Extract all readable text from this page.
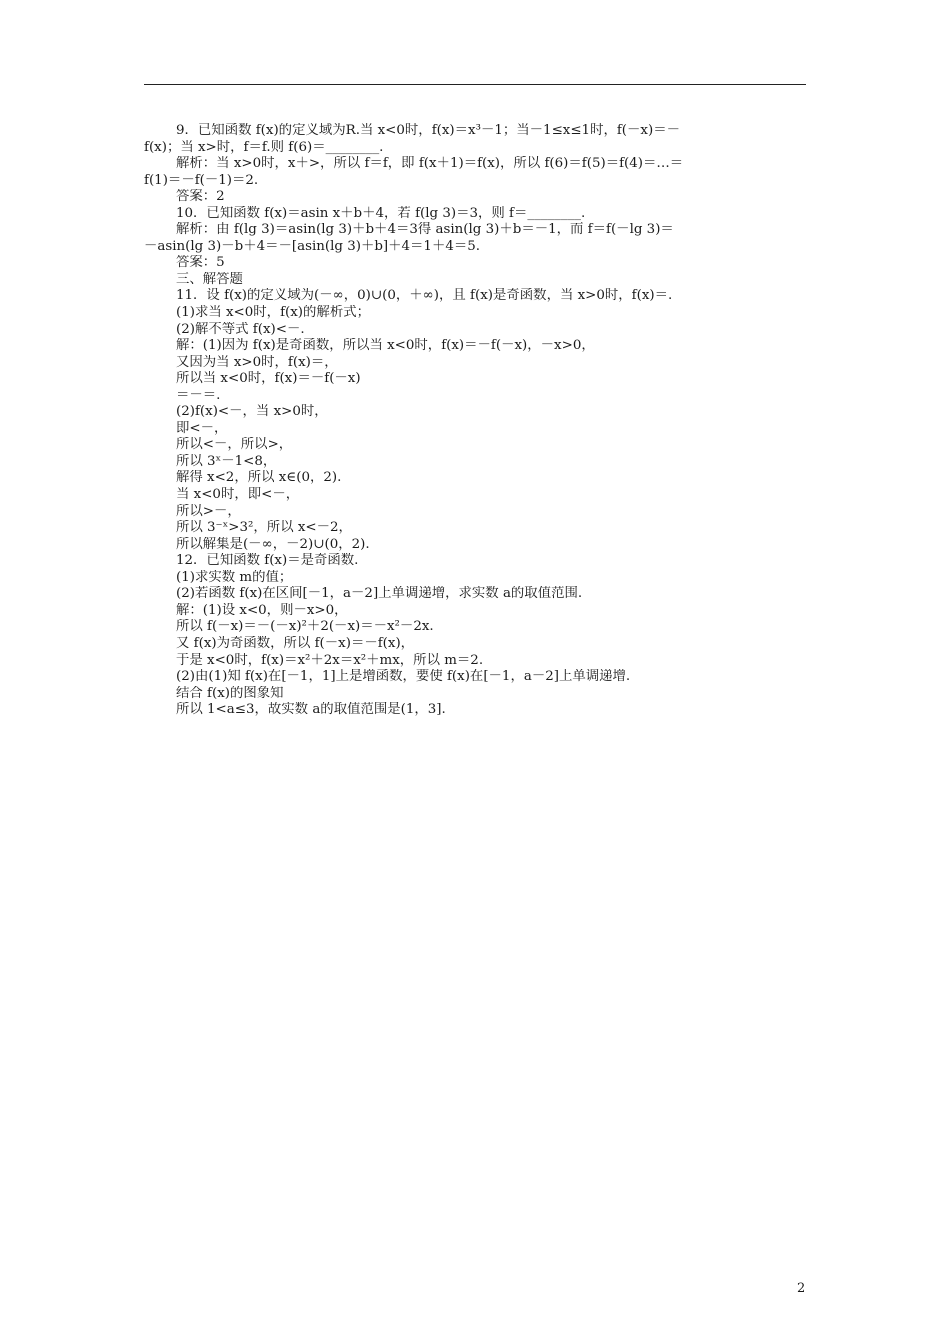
9．已知函数 f(x)的定义域为R.当 x<0时，f(x)＝x³－1；当－1≤x≤1时，f(－x)＝－
f(x)；当 x>时，f＝f.则 f(6)＝________.
解析：当 x>0时，x＋>，所以 f＝f，即 f(x＋1)＝f(x)，所以 f(6)＝f(5)＝f(4)＝…＝
f(1)＝－f(－1)＝2.
答案：2
10．已知函数 f(x)＝asin x＋b＋4，若 f(lg 3)＝3，则 f＝________.
解析：由 f(lg 3)＝asin(lg 3)＋b＋4＝3得 asin(lg 3)＋b＝－1，而 f＝f(－lg 3)＝
－asin(lg 3)－b＋4＝－[asin(lg 3)＋b]＋4＝1＋4＝5.
答案：5
三、解答题
11．设 f(x)的定义域为(－∞，0)∪(0，＋∞)，且 f(x)是奇函数，当 x>0时，f(x)＝.
(1)求当 x<0时，f(x)的解析式；
(2)解不等式 f(x)<－.
解：(1)因为 f(x)是奇函数，所以当 x<0时，f(x)＝－f(－x)，－x>0，
又因为当 x>0时，f(x)＝，
所以当 x<0时，f(x)＝－f(－x)
＝－＝.
(2)f(x)<－，当 x>0时，
即<－，
所以<－，所以>，
所以 3ˣ－1<8，
解得 x<2，所以 x∈(0，2).
当 x<0时，即<－，
所以>－，
所以 3⁻ˣ>3²，所以 x<－2，
所以解集是(－∞，－2)∪(0，2).
12．已知函数 f(x)＝是奇函数.
(1)求实数 m的值；
(2)若函数 f(x)在区间[－1，a－2]上单调递增，求实数 a的取值范围.
解：(1)设 x<0，则－x>0，
所以 f(－x)＝－(－x)²＋2(－x)＝－x²－2x.
又 f(x)为奇函数，所以 f(－x)＝－f(x)，
于是 x<0时，f(x)＝x²＋2x＝x²＋mx，所以 m＝2.
(2)由(1)知 f(x)在[－1，1]上是增函数，要使 f(x)在[－1，a－2]上单调递增.
结合 f(x)的图象知
所以 1<a≤3，故实数 a的取值范围是(1，3].
2
